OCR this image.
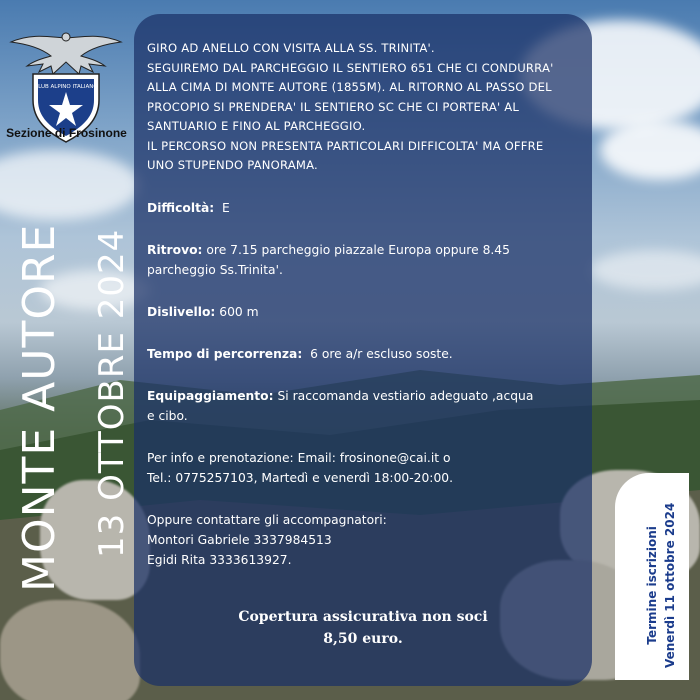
CLUB ALPINO ITALIANO
Sezione di Frosinone
MONTE AUTORE 13 OTTOBRE 2024
GIRO AD ANELLO CON VISITA ALLA SS. TRINITA'.
SEGUIREMO DAL PARCHEGGIO IL SENTIERO 651 CHE CI CONDURRA'
ALLA CIMA DI MONTE AUTORE (1855M). AL RITORNO AL PASSO DEL
PROCOPIO SI PRENDERA' IL SENTIERO SC CHE CI PORTERA' AL
SANTUARIO E FINO AL PARCHEGGIO.
IL PERCORSO NON PRESENTA PARTICOLARI DIFFICOLTA' MA OFFRE
UNO STUPENDO PANORAMA.
Difficoltà: E
Ritrovo: ore 7.15 parcheggio piazzale Europa oppure 8.45
parcheggio Ss.Trinita'.
Dislivello: 600 m
Tempo di percorrenza: 6 ore a/r escluso soste.
Equipaggiamento: Si raccomanda vestiario adeguato ,acqua
e cibo.
Per info e prenotazione: Email: frosinone@cai.it o
Tel.: 0775257103, Martedì e venerdì 18:00-20:00.
Oppure contattare gli accompagnatori:
Montori Gabriele 3337984513
Egidi Rita 3333613927.
Copertura assicurativa non soci
8,50 euro.	Termine iscrizioni Venerdì 11 ottobre 2024
